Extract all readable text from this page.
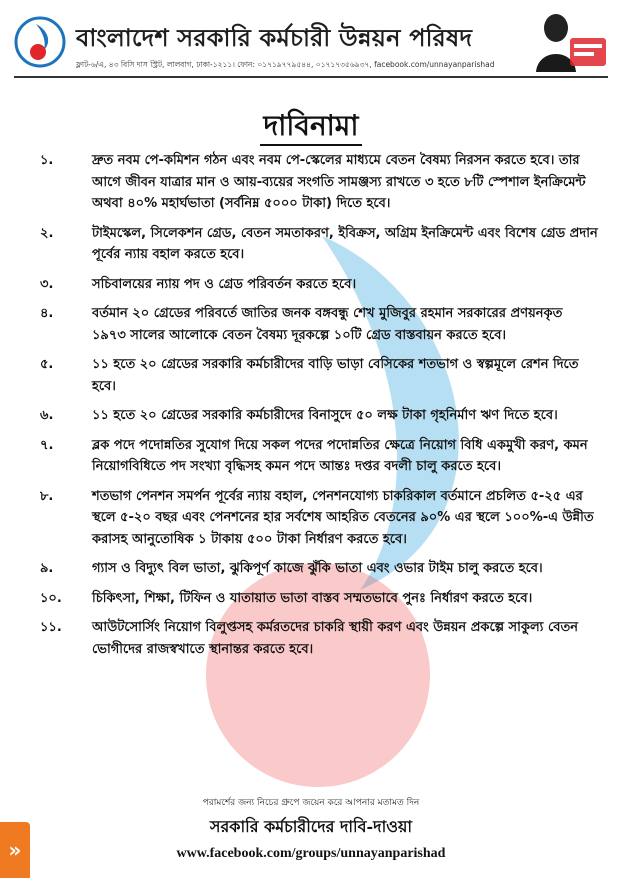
বাংলাদেশ সরকারি কর্মচারী উন্নয়ন পরিষদ
ফ্লাট-৬/এ, ৪৩ বিসি দাস স্ট্রিট, লালবাগ, ঢাকা-১২১১। ফোন: ০১৭১৯৭৭৯৫৪৪, ০১৭১৭৩৫৬৯৩৭, facebook.com/unnayanparishad
দাবিনামা
১.	দ্রুত নবম পে-কমিশন গঠন এবং নবম পে-স্কেলের মাধ্যমে বেতন বৈষম্য নিরসন করতে হবে। তার আগে জীবন যাত্রার মান ও আয়-ব্যয়ের সংগতি সামঞ্জস্য রাখতে ৩ হতে ৮টি স্পেশাল ইনক্রিমেন্ট অথবা ৪০% মহার্ঘভাতা (সর্বনিম্ন ৫০০০ টাকা) দিতে হবে।
২.	টাইমস্কেল, সিলেকশন গ্রেড, বেতন সমতাকরণ, ইবিক্রস, অগ্রিম ইনক্রিমেন্ট এবং বিশেষ গ্রেড প্রদান পূর্বের ন্যায় বহাল করতে হবে।
৩.	সচিবালয়ের ন্যায় পদ ও গ্রেড পরিবর্তন করতে হবে।
৪.	বর্তমান ২০ গ্রেডের পরিবর্তে জাতির জনক বঙ্গবন্ধু শেখ মুজিবুর রহমান সরকারের প্রণয়নকৃত ১৯৭৩ সালের আলোকে বেতন বৈষম্য দূরকল্পে ১০টি গ্রেড বাস্তবায়ন করতে হবে।
৫.	১১ হতে ২০ গ্রেডের সরকারি কর্মচারীদের বাড়ি ভাড়া বেসিকের শতভাগ ও স্বল্পমূলে রেশন দিতে হবে।
৬.	১১ হতে ২০ গ্রেডের সরকারি কর্মচারীদের বিনাসুদে ৫০ লক্ষ টাকা গৃহনির্মাণ ঋণ দিতে হবে।
৭.	ব্লক পদে পদোন্নতির সুযোগ দিয়ে সকল পদের পদোন্নতির ক্ষেত্রে নিয়োগ বিধি একমুখী করণ, কমন নিয়োগবিধিতে পদ সংখ্যা বৃদ্ধিসহ কমন পদে আন্তঃ দপ্তর বদলী চালু করতে হবে।
৮.	শতভাগ পেনশন সমর্পন পূর্বের ন্যায় বহাল, পেনশনযোগ্য চাকরিকাল বর্তমানে প্রচলিত ৫-২৫ এর স্থলে ৫-২০ বছর এবং পেনশনের হার সর্বশেষ আহরিত বেতনের ৯০% এর স্থলে ১০০%-এ উন্নীত করাসহ আনুতোষিক ১ টাকায় ৫০০ টাকা নির্ধারণ করতে হবে।
৯.	গ্যাস ও বিদ্যুৎ বিল ভাতা, ঝুকিপূর্ণ কাজে ঝুঁকি ভাতা এবং ওভার টাইম চালু করতে হবে।
১০.	চিকিৎসা, শিক্ষা, টিফিন ও যাতায়াত ভাতা বাস্তব সম্মতভাবে পুনঃ নির্ধারণ করতে হবে।
১১.	আউটসোর্সিং নিয়োগ বিলুপ্তসহ কর্মরতদের চাকরি স্থায়ী করণ এবং উন্নয়ন প্রকল্পে সাকুল্য বেতন ভোগীদের রাজস্বখাতে স্থানান্তর করতে হবে।
পরামর্শের জন্য নিচের গ্রুপে জয়েন করে আপনার মতামত দিন
সরকারি কর্মচারীদের দাবি-দাওয়া
www.facebook.com/groups/unnayanparishad
»
